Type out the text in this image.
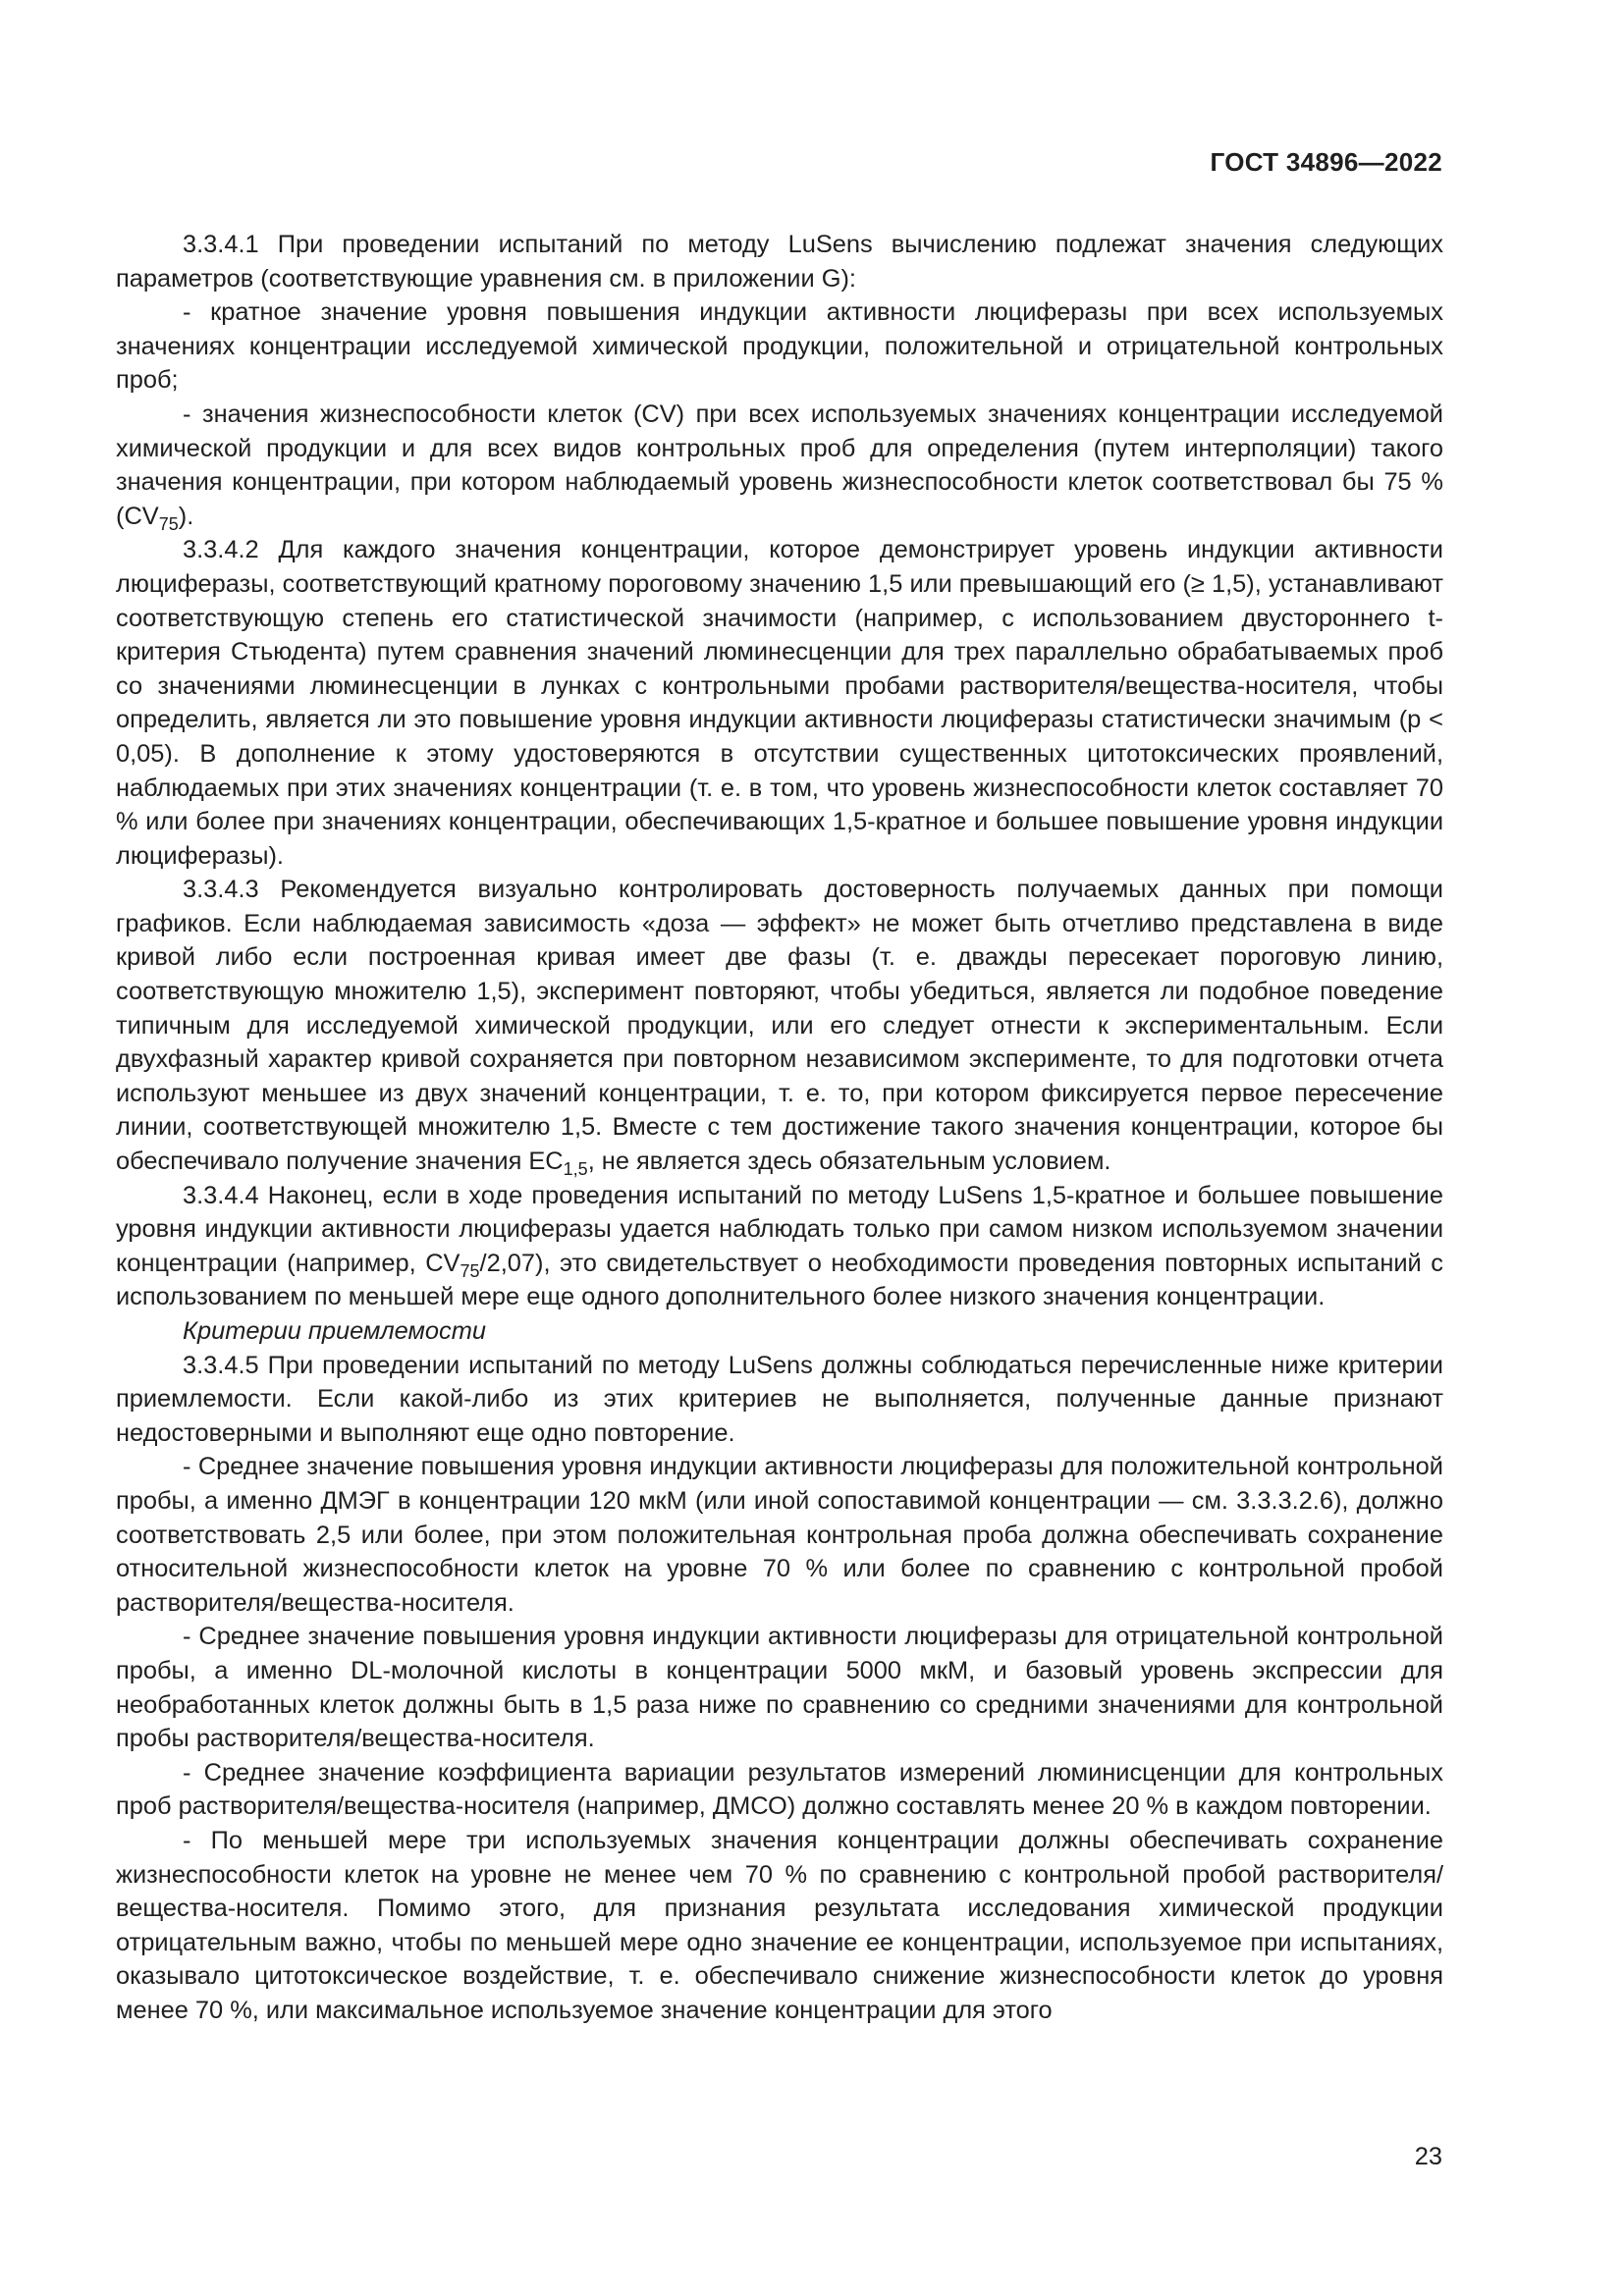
ГОСТ 34896—2022

3.3.4.1 При проведении испытаний по методу LuSens вычислению подлежат значения следующих параметров (соответствующие уравнения см. в приложении G):

- кратное значение уровня повышения индукции активности люциферазы при всех используемых значениях концентрации исследуемой химической продукции, положительной и отрицательной контрольных проб;

- значения жизнеспособности клеток (CV) при всех используемых значениях концентрации исследуемой химической продукции и для всех видов контрольных проб для определения (путем интерполяции) такого значения концентрации, при котором наблюдаемый уровень жизнеспособности клеток соответствовал бы 75 % $(CV_{75})$.

3.3.4.2 Для каждого значения концентрации, которое демонстрирует уровень индукции активности люциферазы, соответствующий кратному пороговому значению 1,5 или превышающий его (≥ 1,5), устанавливают соответствующую степень его статистической значимости (например, с использованием двустороннего t-критерия Стьюдента) путем сравнения значений люминесценции для трех параллельно обрабатываемых проб со значениями люминесценции в лунках с контрольными пробами растворителя/вещества-носителя, чтобы определить, является ли это повышение уровня индукции активности люциферазы статистически значимым (р < 0,05). В дополнение к этому удостоверяются в отсутствии существенных цитотоксических проявлений, наблюдаемых при этих значениях концентрации (т. е. в том, что уровень жизнеспособности клеток составляет 70 % или более при значениях концентрации, обеспечивающих 1,5-кратное и большее повышение уровня индукции люциферазы).

3.3.4.3 Рекомендуется визуально контролировать достоверность получаемых данных при помощи графиков. Если наблюдаемая зависимость «доза — эффект» не может быть отчетливо представлена в виде кривой либо если построенная кривая имеет две фазы (т. е. дважды пересекает пороговую линию, соответствующую множителю 1,5), эксперимент повторяют, чтобы убедиться, является ли подобное поведение типичным для исследуемой химической продукции, или его следует отнести к экспериментальным. Если двухфазный характер кривой сохраняется при повторном независимом эксперименте, то для подготовки отчета используют меньшее из двух значений концентрации, т. е. то, при котором фиксируется первое пересечение линии, соответствующей множителю 1,5. Вместе с тем достижение такого значения концентрации, которое бы обеспечивало получение значения $EC_{1,5}$, не является здесь обязательным условием.

3.3.4.4 Наконец, если в ходе проведения испытаний по методу LuSens 1,5-кратное и большее повышение уровня индукции активности люциферазы удается наблюдать только при самом низком используемом значении концентрации (например, $CV_{75}/2,07$), это свидетельствует о необходимости проведения повторных испытаний с использованием по меньшей мере еще одного дополнительного более низкого значения концентрации.

Критерии приемлемости

3.3.4.5 При проведении испытаний по методу LuSens должны соблюдаться перечисленные ниже критерии приемлемости. Если какой-либо из этих критериев не выполняется, полученные данные признают недостоверными и выполняют еще одно повторение.

- Среднее значение повышения уровня индукции активности люциферазы для положительной контрольной пробы, а именно ДМЭГ в концентрации 120 мкМ (или иной сопоставимой концентрации — см. 3.3.3.2.6), должно соответствовать 2,5 или более, при этом положительная контрольная проба должна обеспечивать сохранение относительной жизнеспособности клеток на уровне 70 % или более по сравнению с контрольной пробой растворителя/вещества-носителя.

- Среднее значение повышения уровня индукции активности люциферазы для отрицательной контрольной пробы, а именно DL-молочной кислоты в концентрации 5000 мкМ, и базовый уровень экспрессии для необработанных клеток должны быть в 1,5 раза ниже по сравнению со средними значениями для контрольной пробы растворителя/вещества-носителя.

- Среднее значение коэффициента вариации результатов измерений люминисценции для контрольных проб растворителя/вещества-носителя (например, ДМСО) должно составлять менее 20 % в каждом повторении.

- По меньшей мере три используемых значения концентрации должны обеспечивать сохранение жизнеспособности клеток на уровне не менее чем 70 % по сравнению с контрольной пробой растворителя/вещества-носителя. Помимо этого, для признания результата исследования химической продукции отрицательным важно, чтобы по меньшей мере одно значение ее концентрации, используемое при испытаниях, оказывало цитотоксическое воздействие, т. е. обеспечивало снижение жизнеспособности клеток до уровня менее 70 %, или максимальное используемое значение концентрации для этого

23
